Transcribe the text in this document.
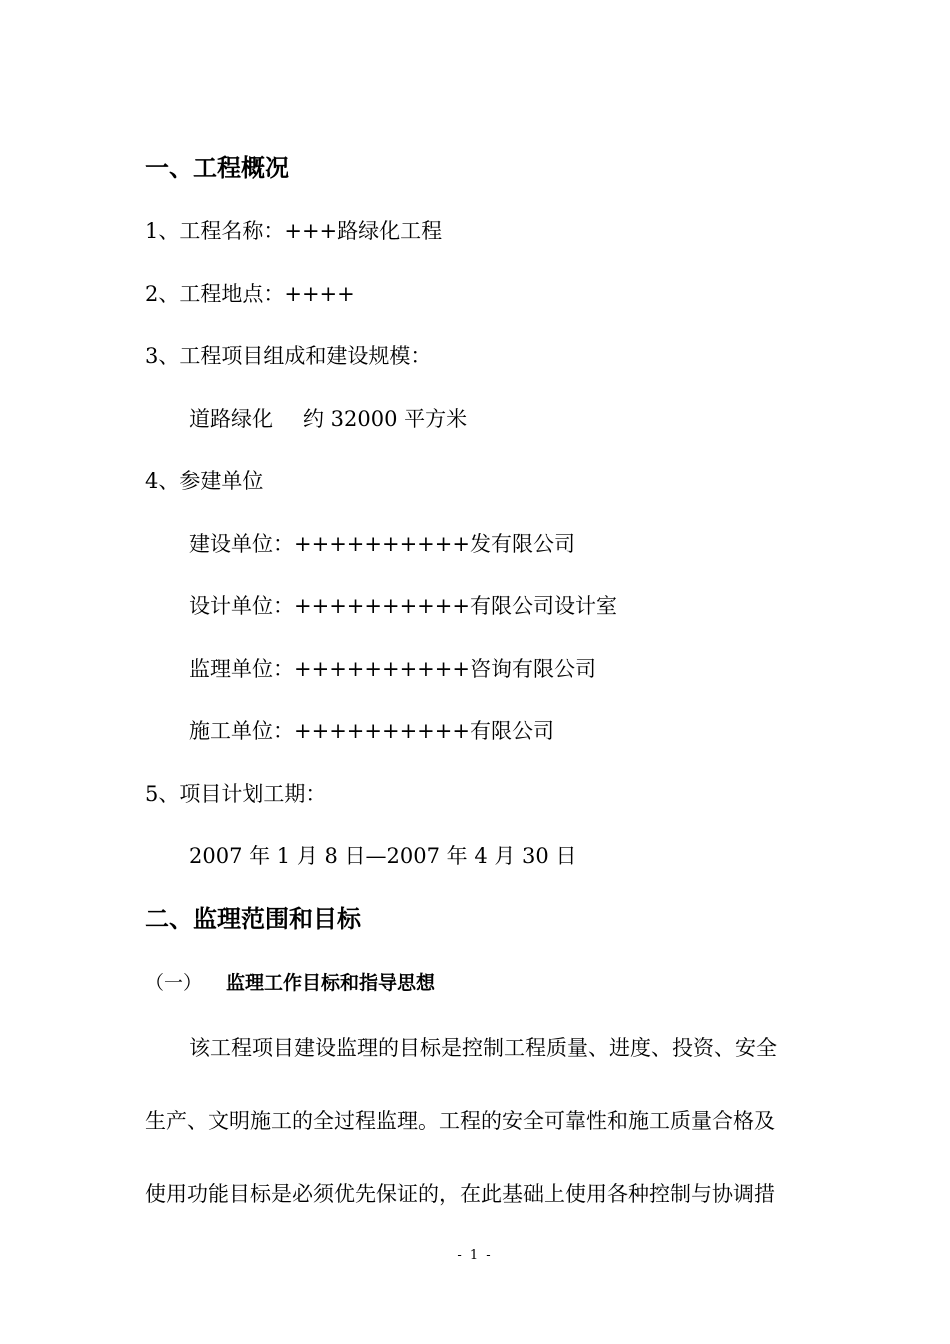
一、工程概况
1、工程名称：+++路绿化工程
2、工程地点：++++
3、工程项目组成和建设规模：
道路绿化 约 32000 平方米
4、参建单位
建设单位：++++++++++发有限公司
设计单位：++++++++++有限公司设计室
监理单位：++++++++++咨询有限公司
施工单位：++++++++++有限公司
5、项目计划工期：
2007 年 1 月 8 日—2007 年 4 月 30 日
二、监理范围和目标
（一） 监理工作目标和指导思想
该工程项目建设监理的目标是控制工程质量、进度、投资、安全
生产、文明施工的全过程监理。工程的安全可靠性和施工质量合格及
使用功能目标是必须优先保证的，在此基础上使用各种控制与协调措
- 1 -
